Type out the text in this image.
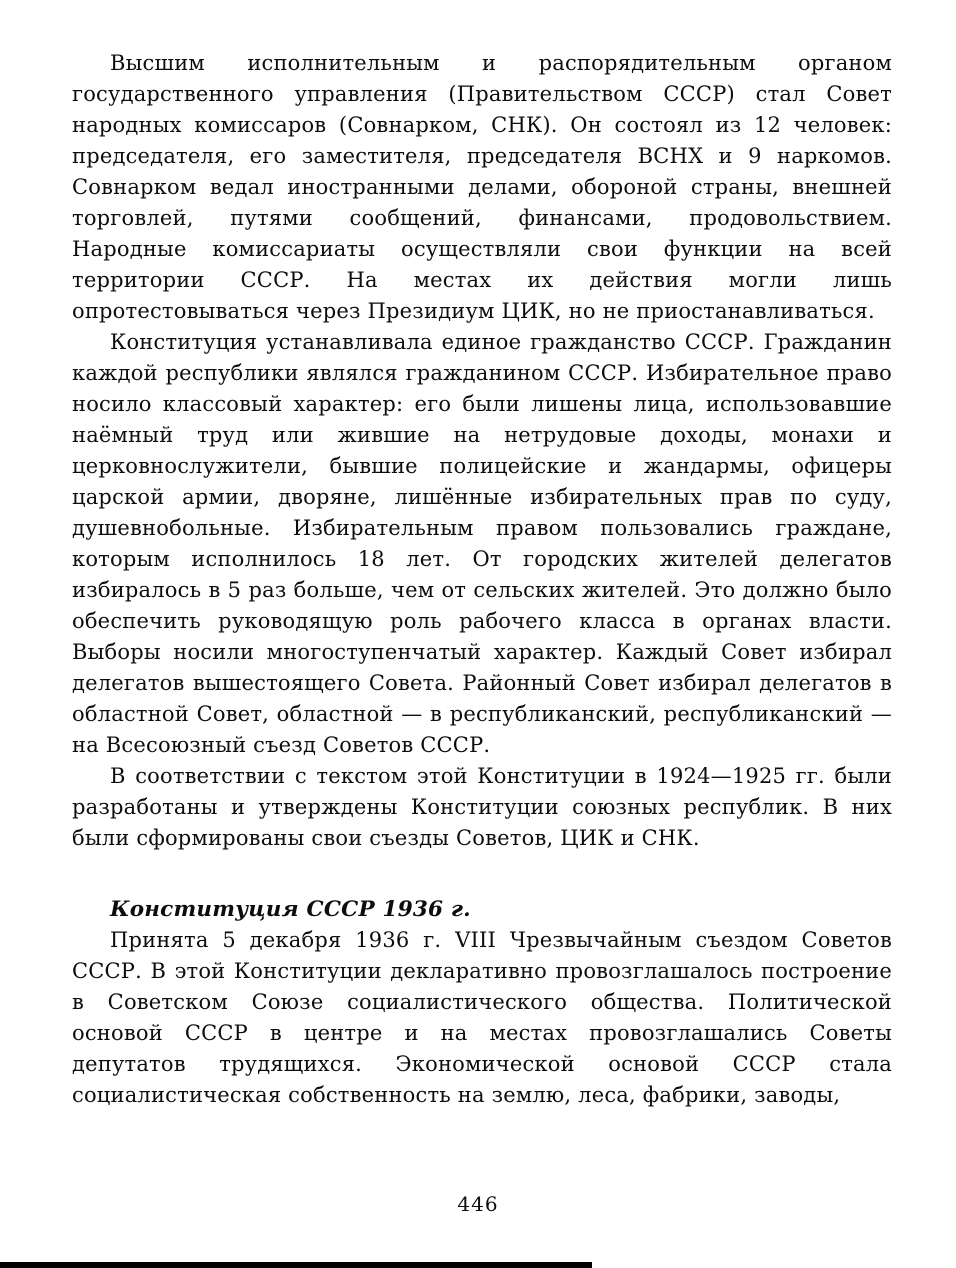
Высшим исполнительным и распорядительным органом государственного управления (Правительством СССР) стал Совет народных комиссаров (Совнарком, СНК). Он состоял из 12 человек: председателя, его заместителя, председателя ВСНХ и 9 наркомов. Совнарком ведал иностранными делами, обороной страны, внешней торговлей, путями сообщений, финансами, продовольствием. Народные комиссариаты осуществляли свои функции на всей территории СССР. На местах их действия могли лишь опротестовываться через Президиум ЦИК, но не приостанавливаться.

Конституция устанавливала единое гражданство СССР. Гражданин каждой республики являлся гражданином СССР. Избирательное право носило классовый характер: его были лишены лица, использовавшие наёмный труд или жившие на нетрудовые доходы, монахи и церковнослужители, бывшие полицейские и жандармы, офицеры царской армии, дворяне, лишённые избирательных прав по суду, душевнобольные. Избирательным правом пользовались граждане, которым исполнилось 18 лет. От городских жителей делегатов избиралось в 5 раз больше, чем от сельских жителей. Это должно было обеспечить руководящую роль рабочего класса в органах власти. Выборы носили многоступенчатый характер. Каждый Совет избирал делегатов вышестоящего Совета. Районный Совет избирал делегатов в областной Совет, областной — в республиканский, республиканский — на Всесоюзный съезд Советов СССР.

В соответствии с текстом этой Конституции в 1924—1925 гг. были разработаны и утверждены Конституции союзных республик. В них были сформированы свои съезды Советов, ЦИК и СНК.

Конституция СССР 1936 г.

Принята 5 декабря 1936 г. VIII Чрезвычайным съездом Советов СССР. В этой Конституции декларативно провозглашалось построение в Советском Союзе социалистического общества. Политической основой СССР в центре и на местах провозглашались Советы депутатов трудящихся. Экономической основой СССР стала социалистическая собственность на землю, леса, фабрики, заводы,

446
